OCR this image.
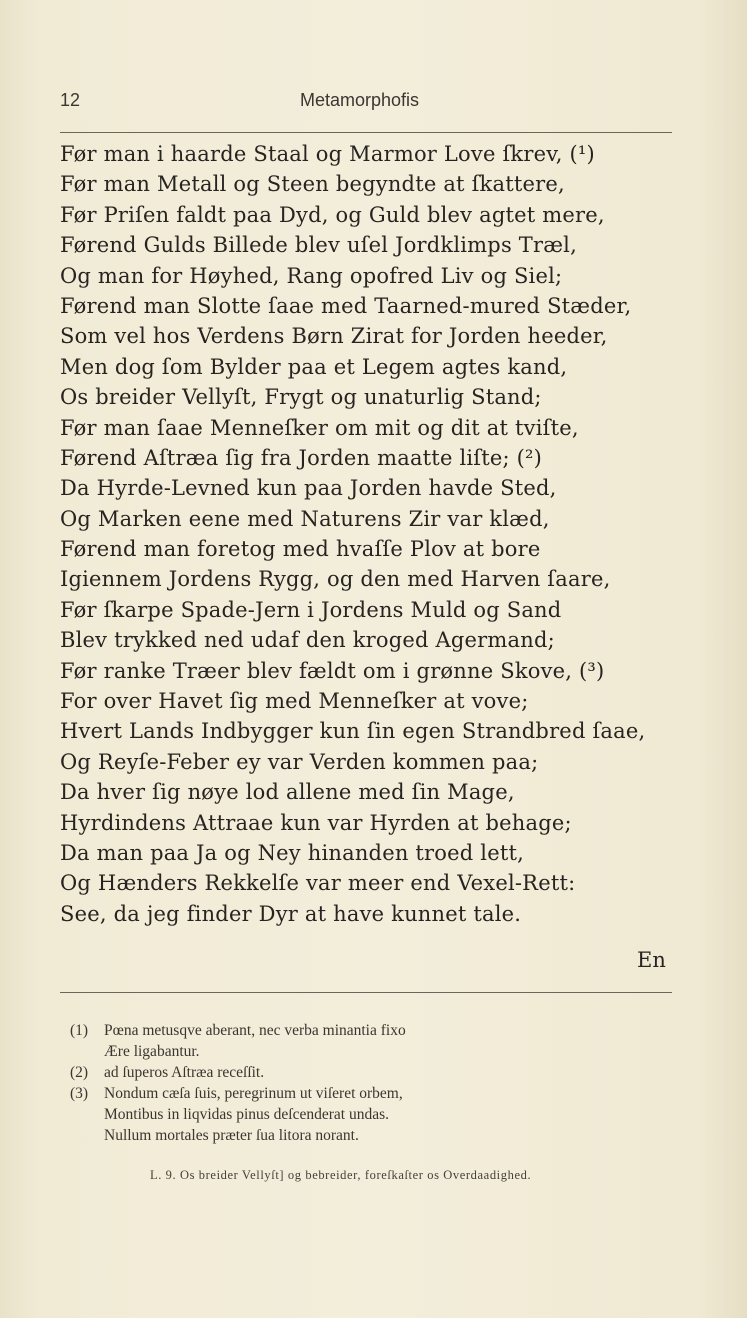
12	Metamorphofis
Før man i haarde Staal og Marmor Love ſkrev, (¹)
Før man Metall og Steen begyndte at ſkattere,
Før Priſen faldt paa Dyd, og Guld blev agtet mere,
Førend Gulds Billede blev uſel Jordklimps Træl,
Og man for Høyhed, Rang opofred Liv og Siel;
Førend man Slotte ſaae med Taarned-mured Stæder,
Som vel hos Verdens Børn Zirat for Jorden heeder,
Men dog ſom Bylder paa et Legem agtes kand,
Os breider Vellyſt, Frygt og unaturlig Stand;
Før man ſaae Menneſker om mit og dit at tviſte,
Førend Aſtræa ſig fra Jorden maatte liſte; (²)
Da Hyrde-Levned kun paa Jorden havde Sted,
Og Marken eene med Naturens Zir var klæd,
Førend man foretog med hvaſſe Plov at bore
Igiennem Jordens Rygg, og den med Harven ſaare,
Før ſkarpe Spade-Jern i Jordens Muld og Sand
Blev trykked ned udaf den kroged Agermand;
Før ranke Træer blev fældt om i grønne Skove, (³)
For over Havet ſig med Menneſker at vove;
Hvert Lands Indbygger kun ſin egen Strandbred ſaae,
Og Reyſe-Feber ey var Verden kommen paa;
Da hver ſig nøye lod allene med ſin Mage,
Hyrdindens Attraae kun var Hyrden at behage;
Da man paa Ja og Ney hinanden troed lett,
Og Hænders Rekkelſe var meer end Vexel-Rett:
See, da jeg finder Dyr at have kunnet tale.
En
(1) Pœna metusqve aberant, nec verba minantia fixo
Ære ligabantur.
(2) ad ſuperos Aſtræa receſſit.
(3) Nondum cæſa ſuis, peregrinum ut viſeret orbem,
Montibus in liqvidas pinus deſcenderat undas.
Nullum mortales præter ſua litora norant.
L. 9. Os breider Vellyſt] og bebreider, foreſkaſter os Overdaadighed.
